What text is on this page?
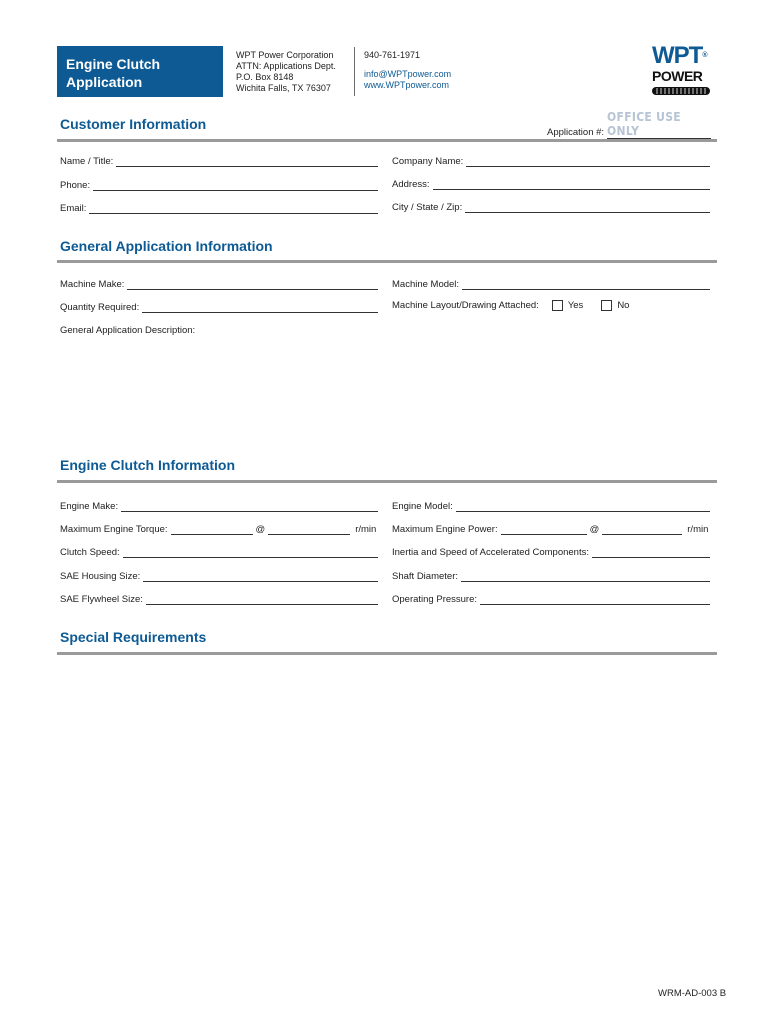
Engine Clutch
Application
WPT Power Corporation
ATTN: Applications Dept.
P.O. Box 8148
Wichita Falls, TX 76307
940-761-1971
info@WPTpower.com
www.WPTpower.com
WPT®
POWER
Customer Information
Application #:
OFFICE USE ONLY
Name / Title:	Company Name:
Phone:	Address:
Email:	City / State / Zip:
General Application Information
Machine Make:	Machine Model:
Quantity Required:	Machine Layout/Drawing Attached:	Yes	No
General Application Description:
Engine Clutch Information
Engine Make:	Engine Model:
Maximum Engine Torque:	@	r/min Maximum Engine Power:	@	r/min
Clutch Speed:	Inertia and Speed of Accelerated Components:
SAE Housing Size:	Shaft Diameter:
SAE Flywheel Size:	Operating Pressure:
Special Requirements
WRM-AD-003 B
